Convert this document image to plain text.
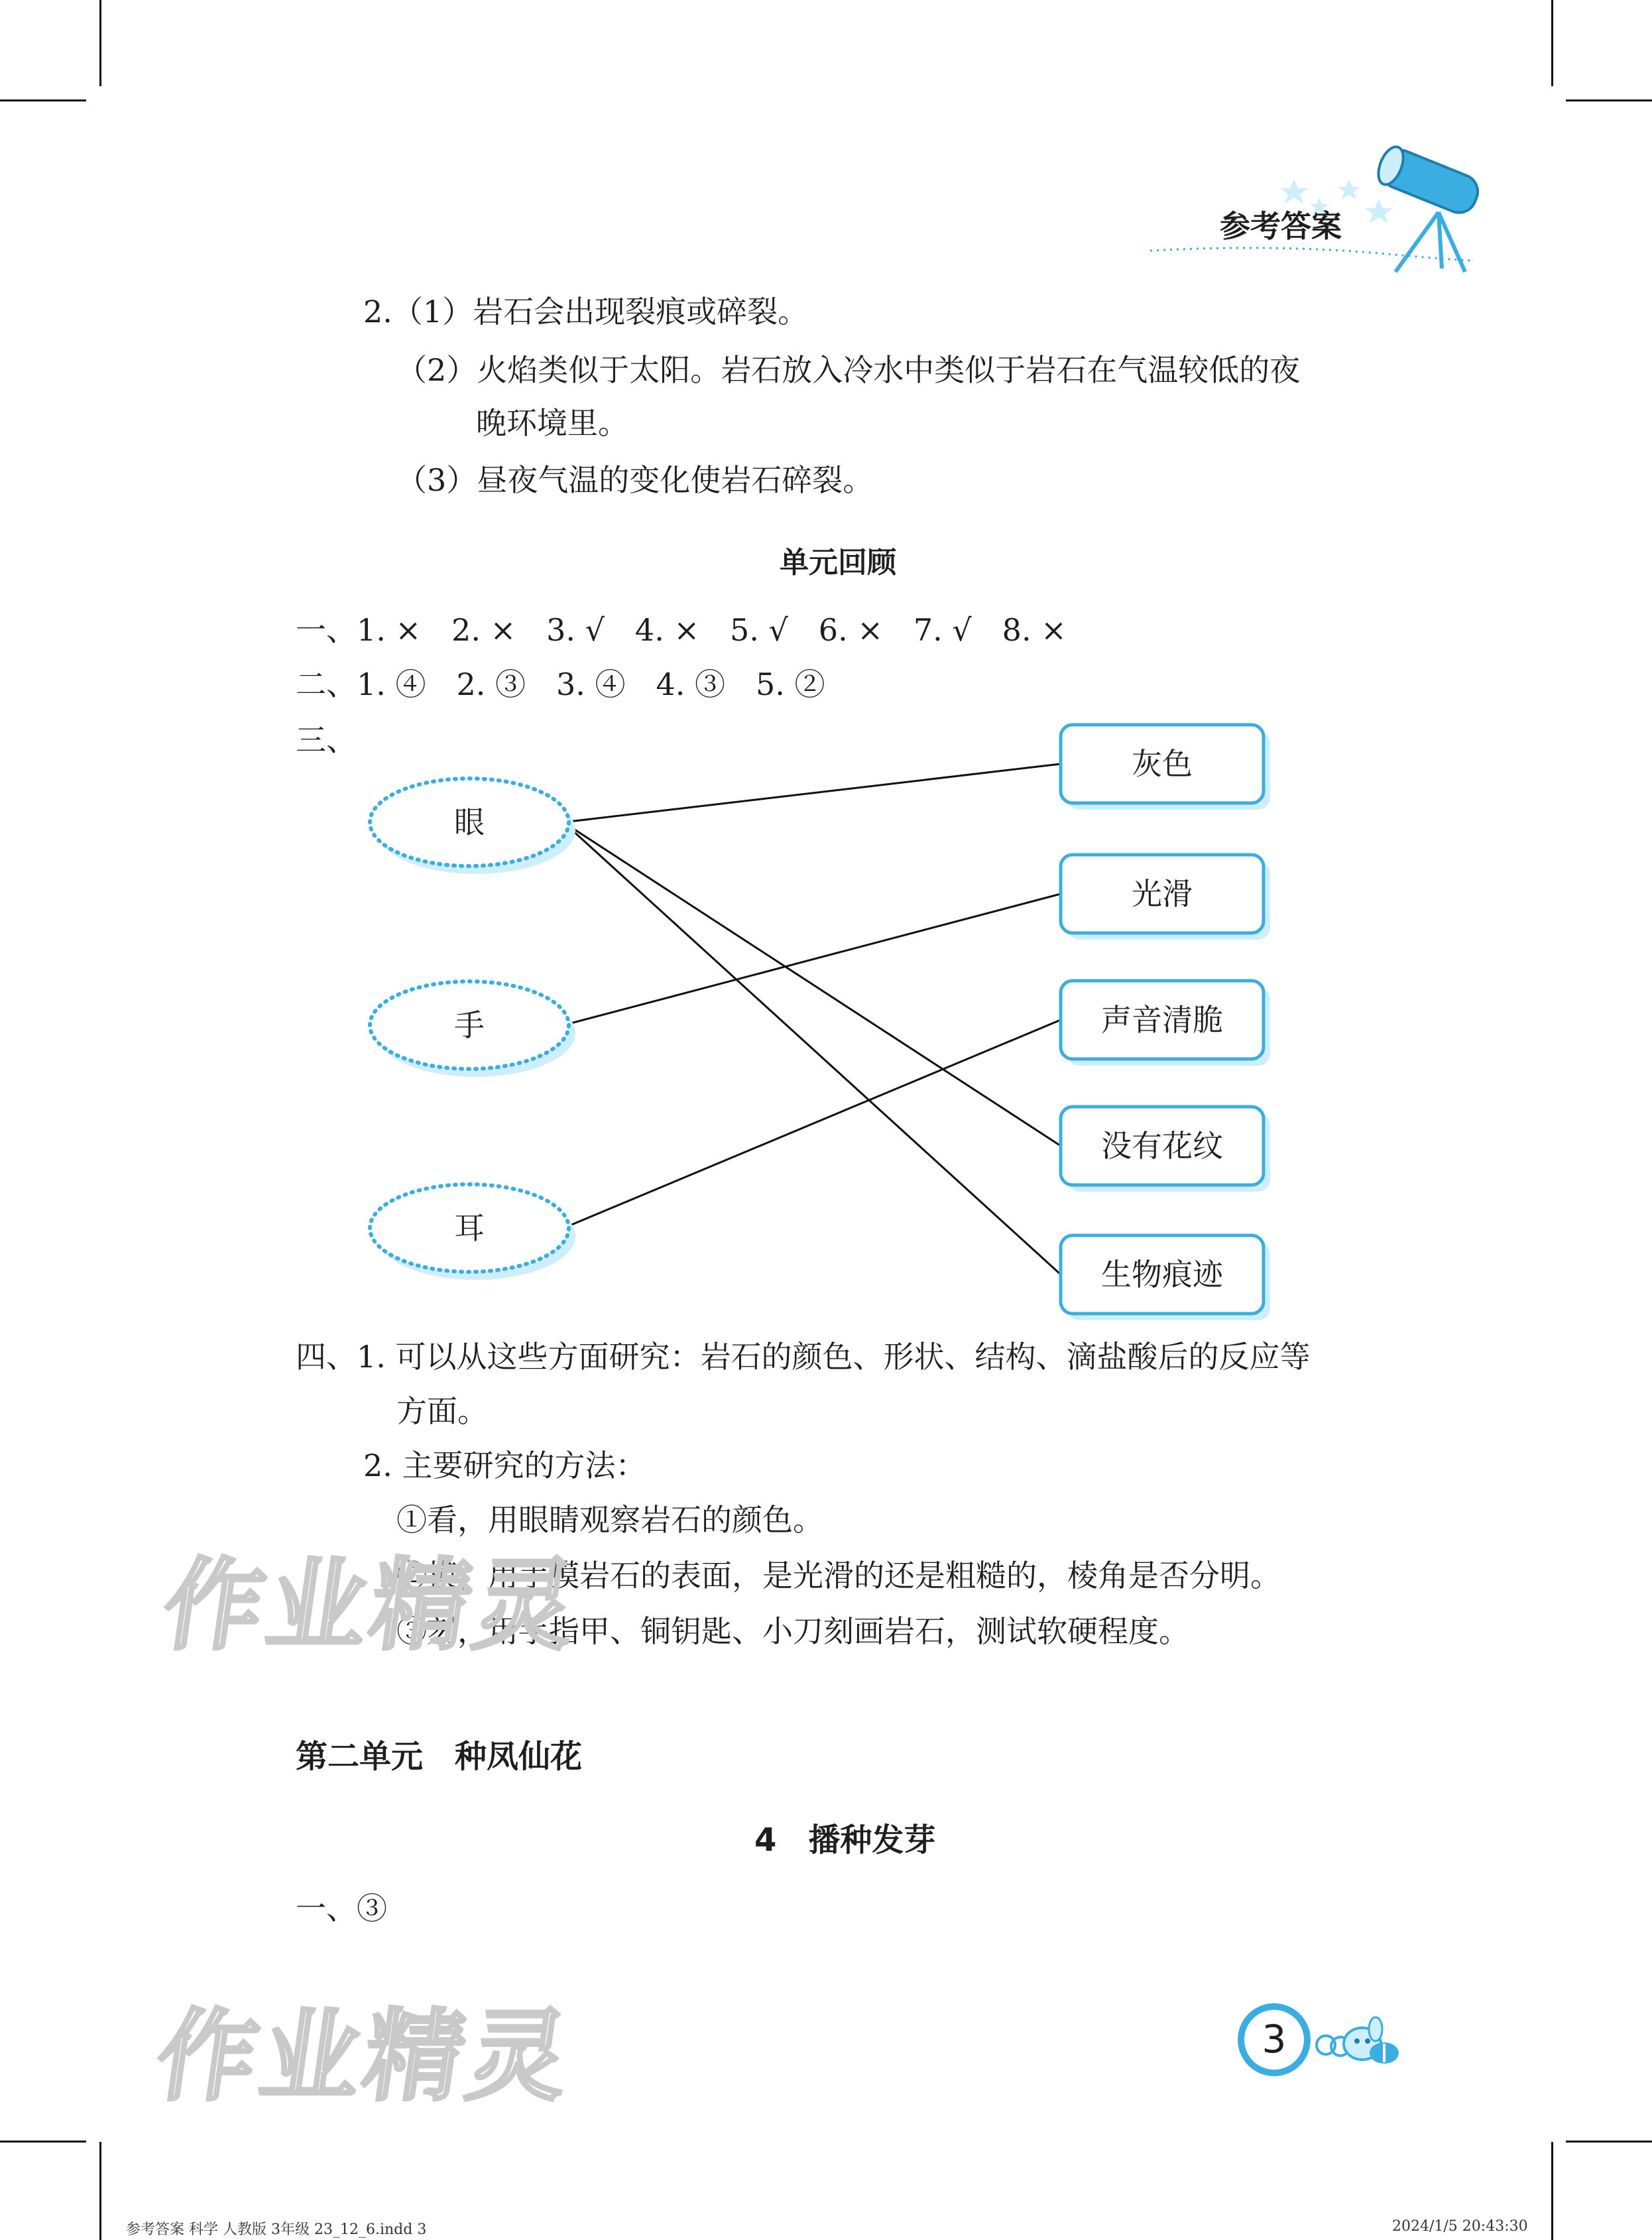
参考答案
2.（1）岩石会出现裂痕或碎裂。
（2）火焰类似于太阳。岩石放入冷水中类似于岩石在气温较低的夜
晚环境里。
（3）昼夜气温的变化使岩石碎裂。
单元回顾
一、1. ×　2. ×　3. √　4. ×　5. √　6. ×　7. √　8. ×
二、1. ④　2. ③　3. ④　4. ③　5. ②
三、
眼
手
耳
灰色
光滑
声音清脆
没有花纹
生物痕迹
四、1. 可以从这些方面研究：岩石的颜色、形状、结构、滴盐酸后的反应等
方面。
2. 主要研究的方法：
①看，用眼睛观察岩石的颜色。
②摸，用手摸岩石的表面，是光滑的还是粗糙的，棱角是否分明。
③刻，用手指甲、铜钥匙、小刀刻画岩石，测试软硬程度。
第二单元　种凤仙花
4　播种发芽
一、③
作业精灵
作业精灵	3
参考答案 科学 人教版 3年级 23_12_6.indd 3	2024/1/5 20:43:30
